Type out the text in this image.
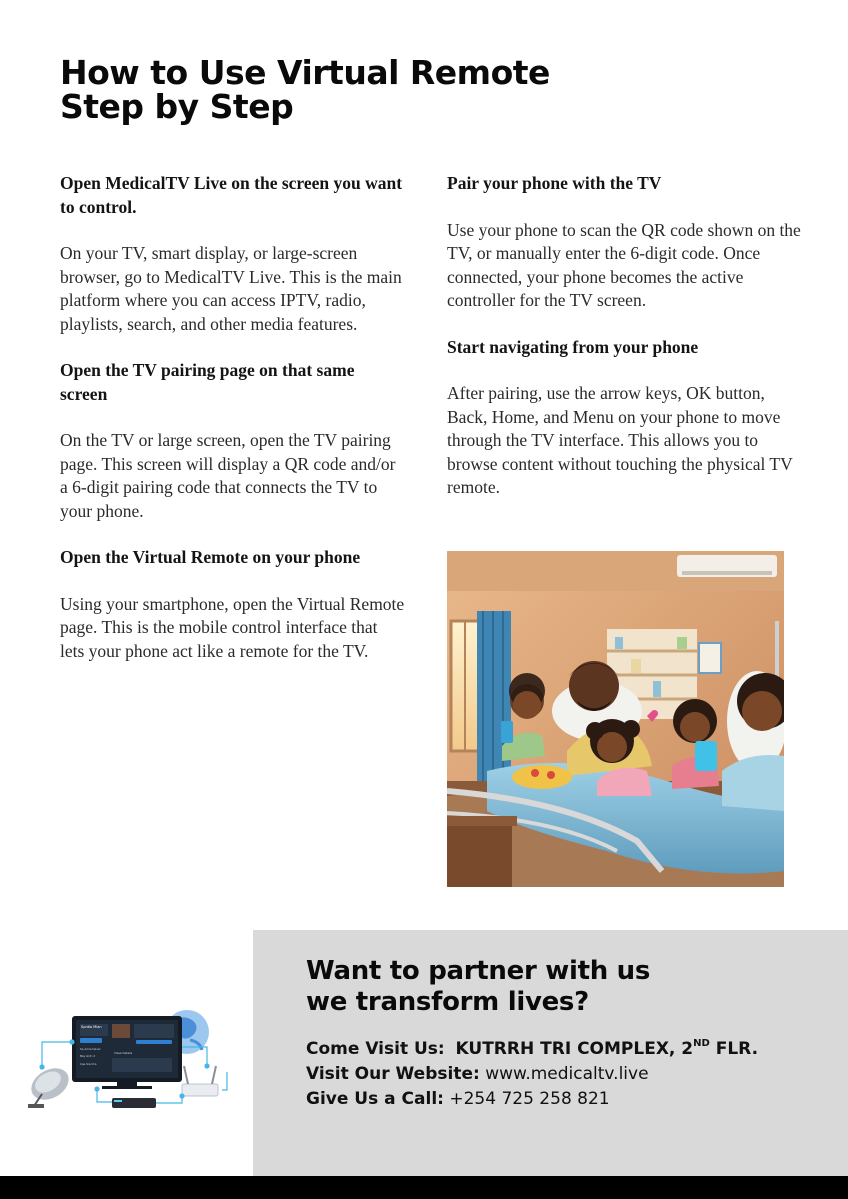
How to Use Virtual Remote
Step by Step

Open MedicalTV Live on the screen you want to control.

On your TV, smart display, or large-screen browser, go to MedicalTV Live. This is the main platform where you can access IPTV, radio, playlists, search, and other media features.

Open the TV pairing page on that same screen

On the TV or large screen, open the TV pairing page. This screen will display a QR code and/or a 6-digit pairing code that connects the TV to your phone.

Open the Virtual Remote on your phone

Using your smartphone, open the Virtual Remote page. This is the mobile control interface that lets your phone act like a remote for the TV.

Pair your phone with the TV

Use your phone to scan the QR code shown on the TV, or manually enter the 6-digit code. Once connected, your phone becomes the active controller for the TV screen.

Start navigating from your phone

After pairing, use the arrow keys, OK button, Back, Home, and Menu on your phone to move through the TV interface. This allows you to browse content without touching the physical TV remote.

Sprdia Mian
Sa Amia Devel
Bay G(X) 2
Vlase Detalis
Cae Sia Ora
Want to partner with us
we transform lives?
Come Visit Us: KUTRRH TRI COMPLEX, 2ND FLR.
Visit Our Website: www.medicaltv.live
Give Us a Call: +254 725 258 821
